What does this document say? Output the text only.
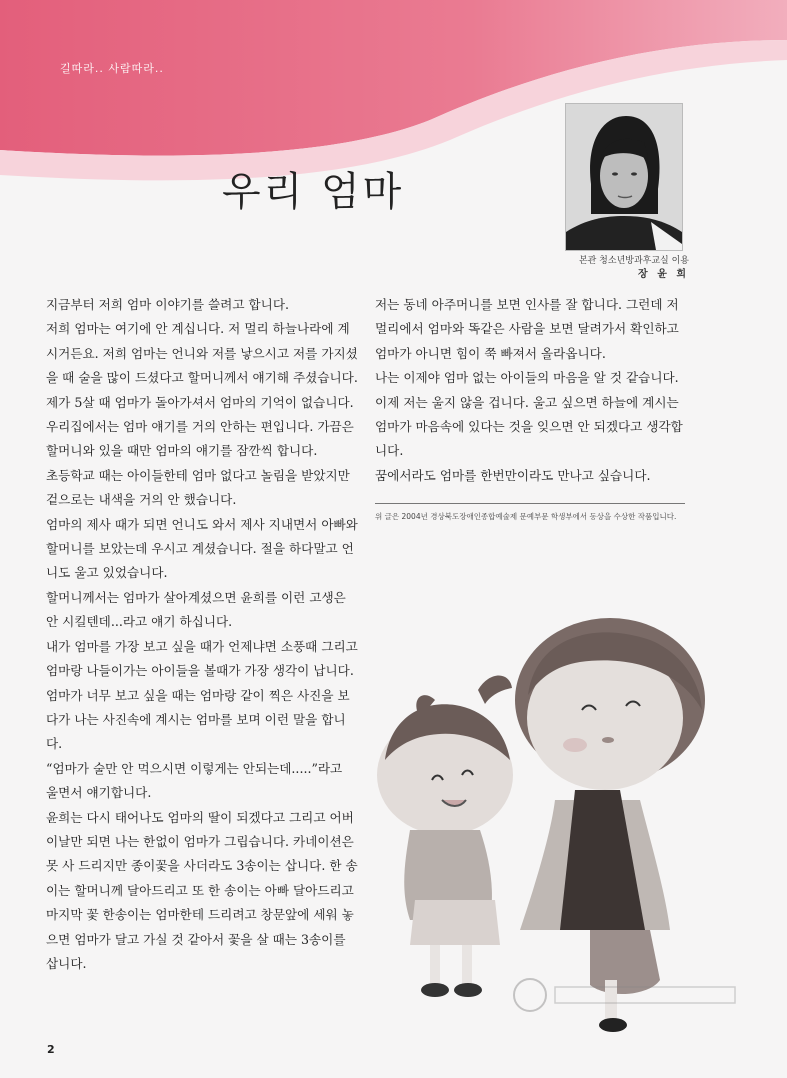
길따라.. 사람따라..
우리 엄마
본관 청소년방과후교실 이용
장 윤 희

지금부터 저희 엄마 이야기를 쓸려고 합니다.

저희 엄마는 여기에 안 계십니다. 저 멀리 하늘나라에 계시거든요. 저희 엄마는 언니와 저를 낳으시고 저를 가지셨을 때 술을 많이 드셨다고 할머니께서 얘기해 주셨습니다.

제가 5살 때 엄마가 돌아가셔서 엄마의 기억이 없습니다. 우리집에서는 엄마 얘기를 거의 안하는 편입니다. 가끔은 할머니와 있을 때만 엄마의 얘기를 잠깐씩 합니다.

초등학교 때는 아이들한테 엄마 없다고 놀림을 받았지만 겉으로는 내색을 거의 안 했습니다.

엄마의 제사 때가 되면 언니도 와서 제사 지내면서 아빠와 할머니를 보았는데 우시고 계셨습니다. 절을 하다말고 언니도 울고 있었습니다.

할머니께서는 엄마가 살아계셨으면 윤희를 이런 고생은 안 시킬텐데...라고 얘기 하십니다.

내가 엄마를 가장 보고 싶을 때가 언제냐면 소풍때 그리고 엄마랑 나들이가는 아이들을 볼때가 가장 생각이 납니다.

엄마가 너무 보고 싶을 때는 엄마랑 같이 찍은 사진을 보다가 나는 사진속에 계시는 엄마를 보며 이런 말을 합니다.

“엄마가 술만 안 먹으시면 이렇게는 안되는데.....”라고 울면서 얘기합니다.

윤희는 다시 태어나도 엄마의 딸이 되겠다고 그리고 어버이날만 되면 나는 한없이 엄마가 그립습니다. 카네이션은 못 사 드리지만 종이꽃을 사더라도 3송이는 삽니다. 한 송이는 할머니께 달아드리고 또 한 송이는 아빠 달아드리고 마지막 꽃 한송이는 엄마한테 드리려고 창문앞에 세워 놓으면 엄마가 달고 가실 것 같아서 꽃을 살 때는 3송이를 삽니다.

저는 동네 아주머니를 보면 인사를 잘 합니다. 그런데 저 멀리에서 엄마와 똑같은 사람을 보면 달려가서 확인하고 엄마가 아니면 힘이 쭉 빠져서 올라옵니다.

나는 이제야 엄마 없는 아이들의 마음을 알 것 같습니다.

이제 저는 울지 않을 겁니다. 울고 싶으면 하늘에 계시는 엄마가 마음속에 있다는 것을 잊으면 안 되겠다고 생각합니다.

꿈에서라도 엄마를 한번만이라도 만나고 싶습니다.

위 글은 2004년 경상북도장애인종합예술제 문예부문 학생부에서 동상을 수상한 작품입니다.
2
